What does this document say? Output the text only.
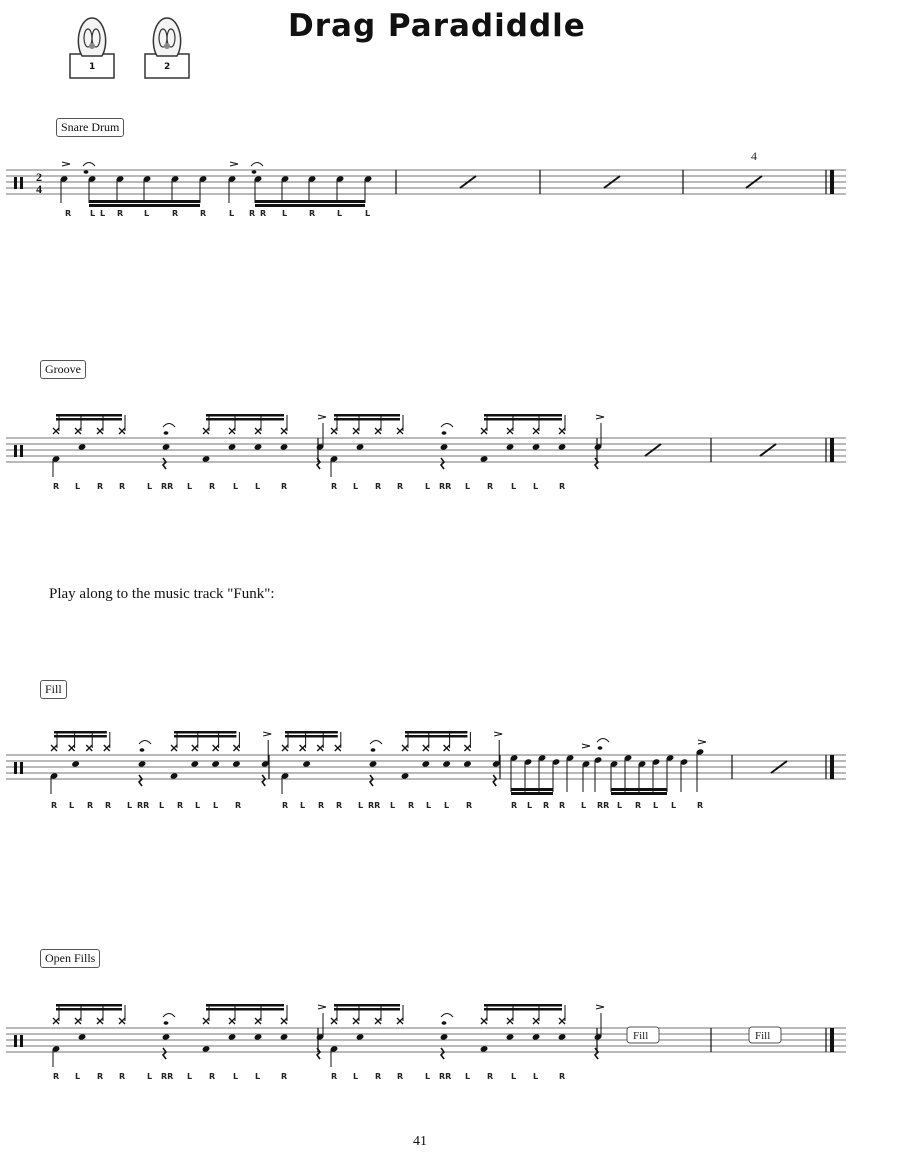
Drag Paradiddle
1	2
Snare Drum
Groove
Play along to the music track "Funk":
Fill
Open Fills
2
4
4
R L L R	L	R	R	L R R L	R	L	L
R L R R	L RR L R L L	R	R L R R	L RR L R L L	R
R L R R L RR L R L L R	R L R R L RR L R L L R	R L R R L RR L R L L	R
Fill	Fill
R L R R	L RR L R L L	R	R L R R	L RR L R L L	R
41
